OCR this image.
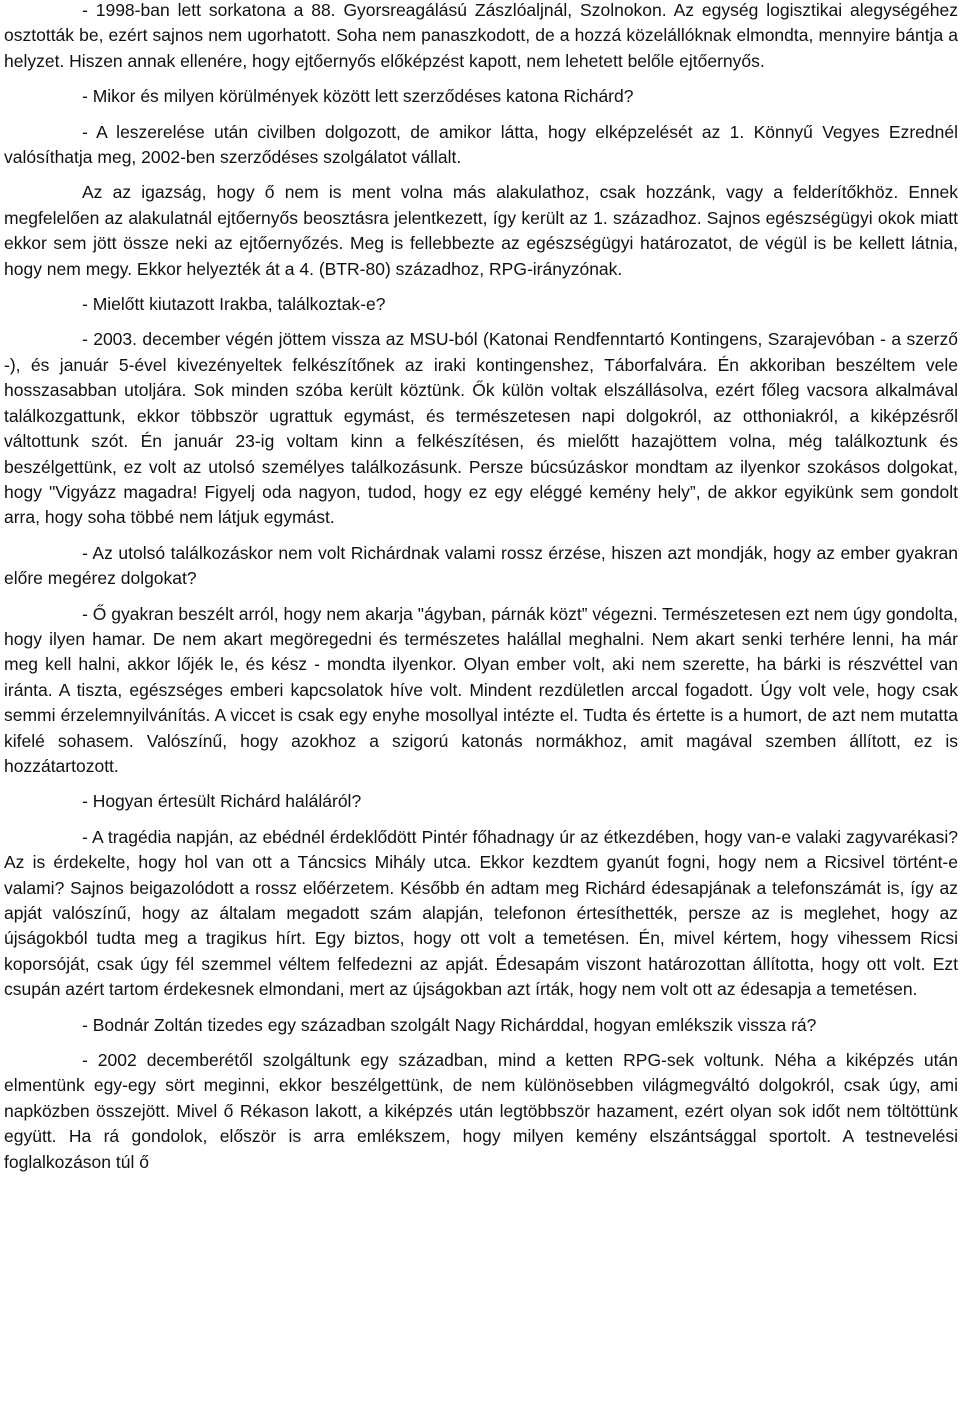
- 1998-ban lett sorkatona a 88. Gyorsreagálású Zászlóaljnál, Szolnokon. Az egység logisztikai alegységéhez osztották be, ezért sajnos nem ugorhatott. Soha nem panaszkodott, de a hozzá közelállóknak elmondta, mennyire bántja a helyzet. Hiszen annak ellenére, hogy ejtőernyős előképzést kapott, nem lehetett belőle ejtőernyős.

- Mikor és milyen körülmények között lett szerződéses katona Richárd?

- A leszerelése után civilben dolgozott, de amikor látta, hogy elképzelését az 1. Könnyű Vegyes Ezrednél valósíthatja meg, 2002-ben szerződéses szolgálatot vállalt.

Az az igazság, hogy ő nem is ment volna más alakulathoz, csak hozzánk, vagy a felderítőkhöz. Ennek megfelelően az alakulatnál ejtőernyős beosztásra jelentkezett, így került az 1. századhoz. Sajnos egészségügyi okok miatt ekkor sem jött össze neki az ejtőernyőzés. Meg is fellebbezte az egészségügyi határozatot, de végül is be kellett látnia, hogy nem megy. Ekkor helyezték át a 4. (BTR-80) századhoz, RPG-irányzónak.

- Mielőtt kiutazott Irakba, találkoztak-e?

- 2003. december végén jöttem vissza az MSU-ból (Katonai Rendfenntartó Kontingens, Szarajevóban - a szerző -), és január 5-ével kivezényeltek felkészítőnek az iraki kontingenshez, Táborfalvára. Én akkoriban beszéltem vele hosszasabban utoljára. Sok minden szóba került köztünk. Ők külön voltak elszállásolva, ezért főleg vacsora alkalmával találkozgattunk, ekkor többször ugrattuk egymást, és természetesen napi dolgokról, az otthoniakról, a kiképzésről váltottunk szót. Én január 23-ig voltam kinn a felkészítésen, és mielőtt hazajöttem volna, még találkoztunk és beszélgettünk, ez volt az utolsó személyes találkozásunk. Persze búcsúzáskor mondtam az ilyenkor szokásos dolgokat, hogy "Vigyázz magadra! Figyelj oda nagyon, tudod, hogy ez egy eléggé kemény hely”, de akkor egyikünk sem gondolt arra, hogy soha többé nem látjuk egymást.

- Az utolsó találkozáskor nem volt Richárdnak valami rossz érzése, hiszen azt mondják, hogy az ember gyakran előre megérez dolgokat?

- Ő gyakran beszélt arról, hogy nem akarja "ágyban, párnák közt” végezni. Természetesen ezt nem úgy gondolta, hogy ilyen hamar. De nem akart megöregedni és természetes halállal meghalni. Nem akart senki terhére lenni, ha már meg kell halni, akkor lőjék le, és kész - mondta ilyenkor. Olyan ember volt, aki nem szerette, ha bárki is részvéttel van iránta. A tiszta, egészséges emberi kapcsolatok híve volt. Mindent rezdületlen arccal fogadott. Úgy volt vele, hogy csak semmi érzelemnyilvánítás. A viccet is csak egy enyhe mosollyal intézte el. Tudta és értette is a humort, de azt nem mutatta kifelé sohasem. Valószínű, hogy azokhoz a szigorú katonás normákhoz, amit magával szemben állított, ez is hozzátartozott.

- Hogyan értesült Richárd haláláról?

- A tragédia napján, az ebédnél érdeklődött Pintér főhadnagy úr az étkezdében, hogy van-e valaki zagyvarékasi? Az is érdekelte, hogy hol van ott a Táncsics Mihály utca. Ekkor kezdtem gyanút fogni, hogy nem a Ricsivel történt-e valami? Sajnos beigazolódott a rossz előérzetem. Később én adtam meg Richárd édesapjának a telefonszámát is, így az apját valószínű, hogy az általam megadott szám alapján, telefonon értesíthették, persze az is meglehet, hogy az újságokból tudta meg a tragikus hírt. Egy biztos, hogy ott volt a temetésen. Én, mivel kértem, hogy vihessem Ricsi koporsóját, csak úgy fél szemmel véltem felfedezni az apját. Édesapám viszont határozottan állította, hogy ott volt. Ezt csupán azért tartom érdekesnek elmondani, mert az újságokban azt írták, hogy nem volt ott az édesapja a temetésen.

- Bodnár Zoltán tizedes egy században szolgált Nagy Richárddal, hogyan emlékszik vissza rá?

- 2002 decemberétől szolgáltunk egy században, mind a ketten RPG-sek voltunk. Néha a kiképzés után elmentünk egy-egy sört meginni, ekkor beszélgettünk, de nem különösebben világmegváltó dolgokról, csak úgy, ami napközben összejött. Mivel ő Rékason lakott, a kiképzés után legtöbbször hazament, ezért olyan sok időt nem töltöttünk együtt. Ha rá gondolok, először is arra emlékszem, hogy milyen kemény elszántsággal sportolt. A testnevelési foglalkozáson túl ő
